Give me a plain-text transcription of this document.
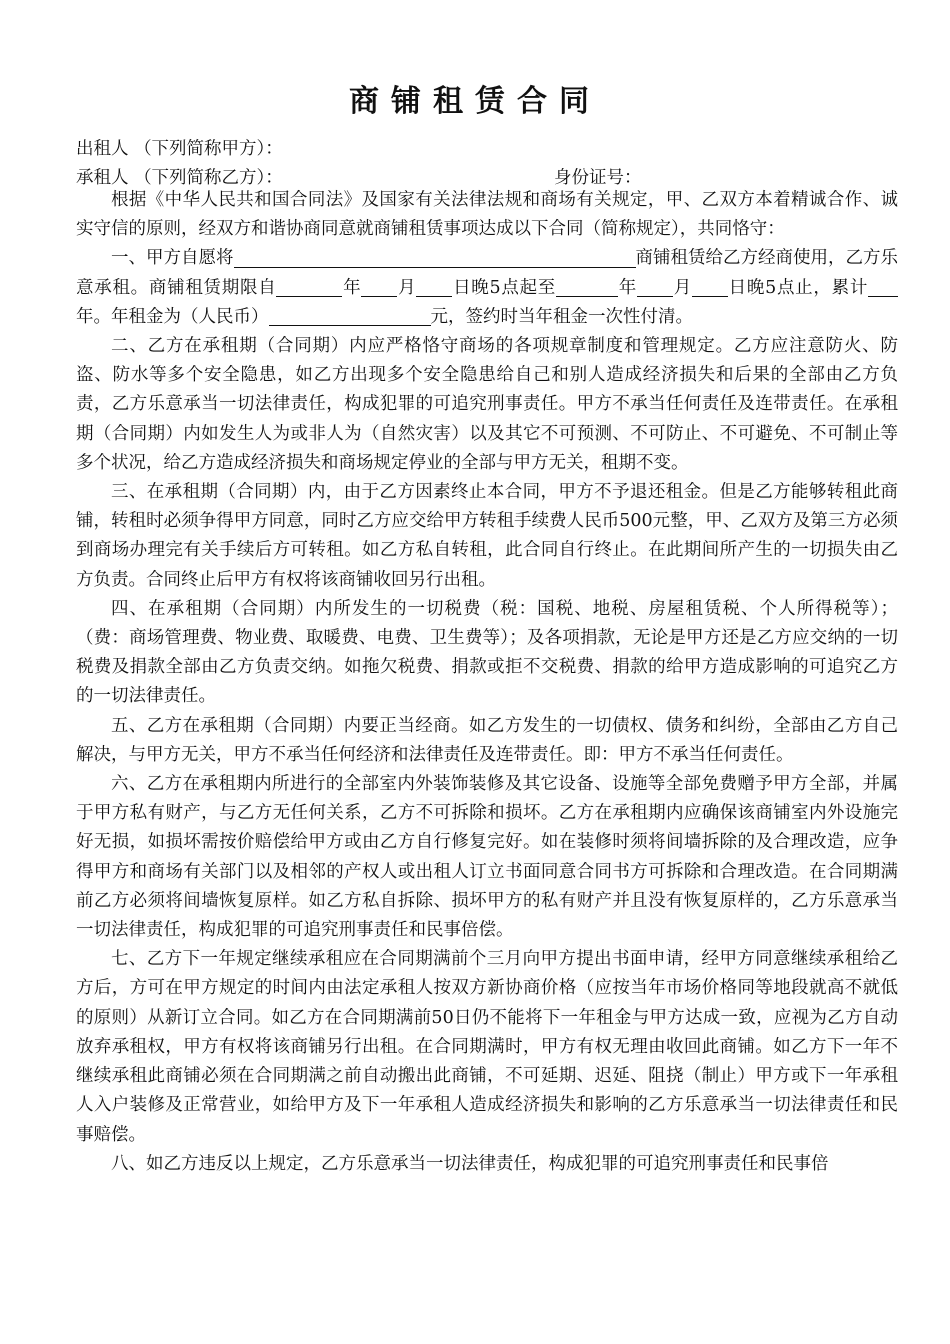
商铺租赁合同

出租人 （下列简称甲方）：

承租人 （下列简称乙方）：	身份证号：

根据《中华人民共和国合同法》及国家有关法律法规和商场有关规定，甲、乙双方本着精诚合作、诚实守信的原则，经双方和谐协商同意就商铺租赁事项达成以下合同（简称规定），共同恪守：

一、甲方自愿将	商铺租赁给乙方经商使用，乙方乐意承租。商铺租赁期限自	年 月 日晚5点起至	年 月 日晚5点止，累计年。年租金为（人民币）	元，签约时当年租金一次性付清。

二、乙方在承租期（合同期）内应严格恪守商场的各项规章制度和管理规定。乙方应注意防火、防盗、防水等多个安全隐患，如乙方出现多个安全隐患给自己和别人造成经济损失和后果的全部由乙方负责，乙方乐意承当一切法律责任，构成犯罪的可追究刑事责任。甲方不承当任何责任及连带责任。在承租期（合同期）内如发生人为或非人为（自然灾害）以及其它不可预测、不可防止、不可避免、不可制止等多个状况，给乙方造成经济损失和商场规定停业的全部与甲方无关，租期不变。

三、在承租期（合同期）内，由于乙方因素终止本合同，甲方不予退还租金。但是乙方能够转租此商铺，转租时必须争得甲方同意，同时乙方应交给甲方转租手续费人民币500元整，甲、乙双方及第三方必须到商场办理完有关手续后方可转租。如乙方私自转租，此合同自行终止。在此期间所产生的一切损失由乙方负责。合同终止后甲方有权将该商铺收回另行出租。

四、在承租期（合同期）内所发生的一切税费（税：国税、地税、房屋租赁税、个人所得税等）；（费：商场管理费、物业费、取暖费、电费、卫生费等）；及各项捐款，无论是甲方还是乙方应交纳的一切税费及捐款全部由乙方负责交纳。如拖欠税费、捐款或拒不交税费、捐款的给甲方造成影响的可追究乙方的一切法律责任。

五、乙方在承租期（合同期）内要正当经商。如乙方发生的一切债权、债务和纠纷，全部由乙方自己解决，与甲方无关，甲方不承当任何经济和法律责任及连带责任。即：甲方不承当任何责任。

六、乙方在承租期内所进行的全部室内外装饰装修及其它设备、设施等全部免费赠予甲方全部，并属于甲方私有财产，与乙方无任何关系，乙方不可拆除和损坏。乙方在承租期内应确保该商铺室内外设施完好无损，如损坏需按价赔偿给甲方或由乙方自行修复完好。如在装修时须将间墙拆除的及合理改造，应争得甲方和商场有关部门以及相邻的产权人或出租人订立书面同意合同书方可拆除和合理改造。在合同期满前乙方必须将间墙恢复原样。如乙方私自拆除、损坏甲方的私有财产并且没有恢复原样的，乙方乐意承当一切法律责任，构成犯罪的可追究刑事责任和民事倍偿。

七、乙方下一年规定继续承租应在合同期满前个三月向甲方提出书面申请，经甲方同意继续承租给乙方后，方可在甲方规定的时间内由法定承租人按双方新协商价格（应按当年市场价格同等地段就高不就低的原则）从新订立合同。如乙方在合同期满前50日仍不能将下一年租金与甲方达成一致，应视为乙方自动放弃承租权，甲方有权将该商铺另行出租。在合同期满时，甲方有权无理由收回此商铺。如乙方下一年不继续承租此商铺必须在合同期满之前自动搬出此商铺，不可延期、迟延、阻挠（制止）甲方或下一年承租人入户装修及正常营业，如给甲方及下一年承租人造成经济损失和影响的乙方乐意承当一切法律责任和民事赔偿。

八、如乙方违反以上规定，乙方乐意承当一切法律责任，构成犯罪的可追究刑事责任和民事倍
